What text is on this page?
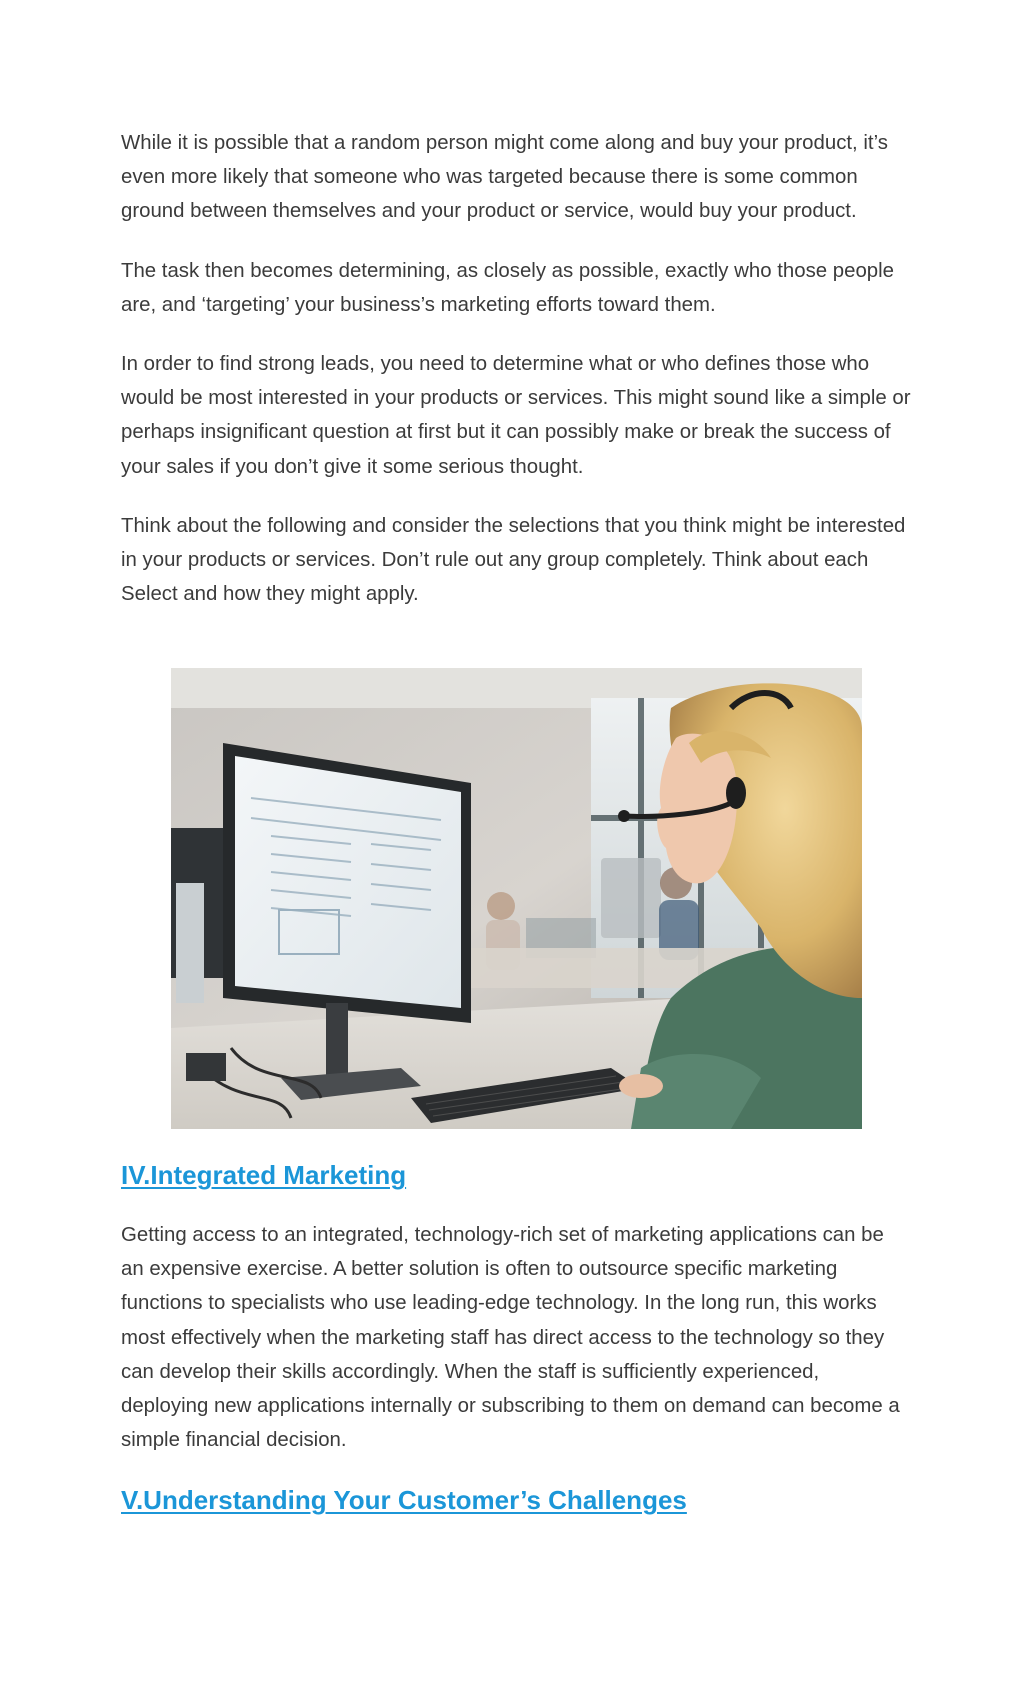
While it is possible that a random person might come along and buy your product, it’s even more likely that someone who was targeted because there is some common ground between themselves and your product or service, would buy your product.

The task then becomes determining, as closely as possible, exactly who those people are, and ‘targeting’ your business’s marketing efforts toward them.

In order to find strong leads, you need to determine what or who defines those who would be most interested in your products or services. This might sound like a simple or perhaps insignificant question at first but it can possibly make or break the success of your sales if you don’t give it some serious thought.

Think about the following and consider the selections that you think might be interested in your products or services. Don’t rule out any group completely. Think about each Select and how they might apply.

IV.Integrated Marketing

Getting access to an integrated, technology-rich set of marketing applications can be an expensive exercise. A better solution is often to outsource specific marketing functions to specialists who use leading-edge technology. In the long run, this works most effectively when the marketing staff has direct access to the technology so they can develop their skills accordingly. When the staff is sufficiently experienced, deploying new applications internally or subscribing to them on demand can become a simple financial decision.

V.Understanding Your Customer’s Challenges
